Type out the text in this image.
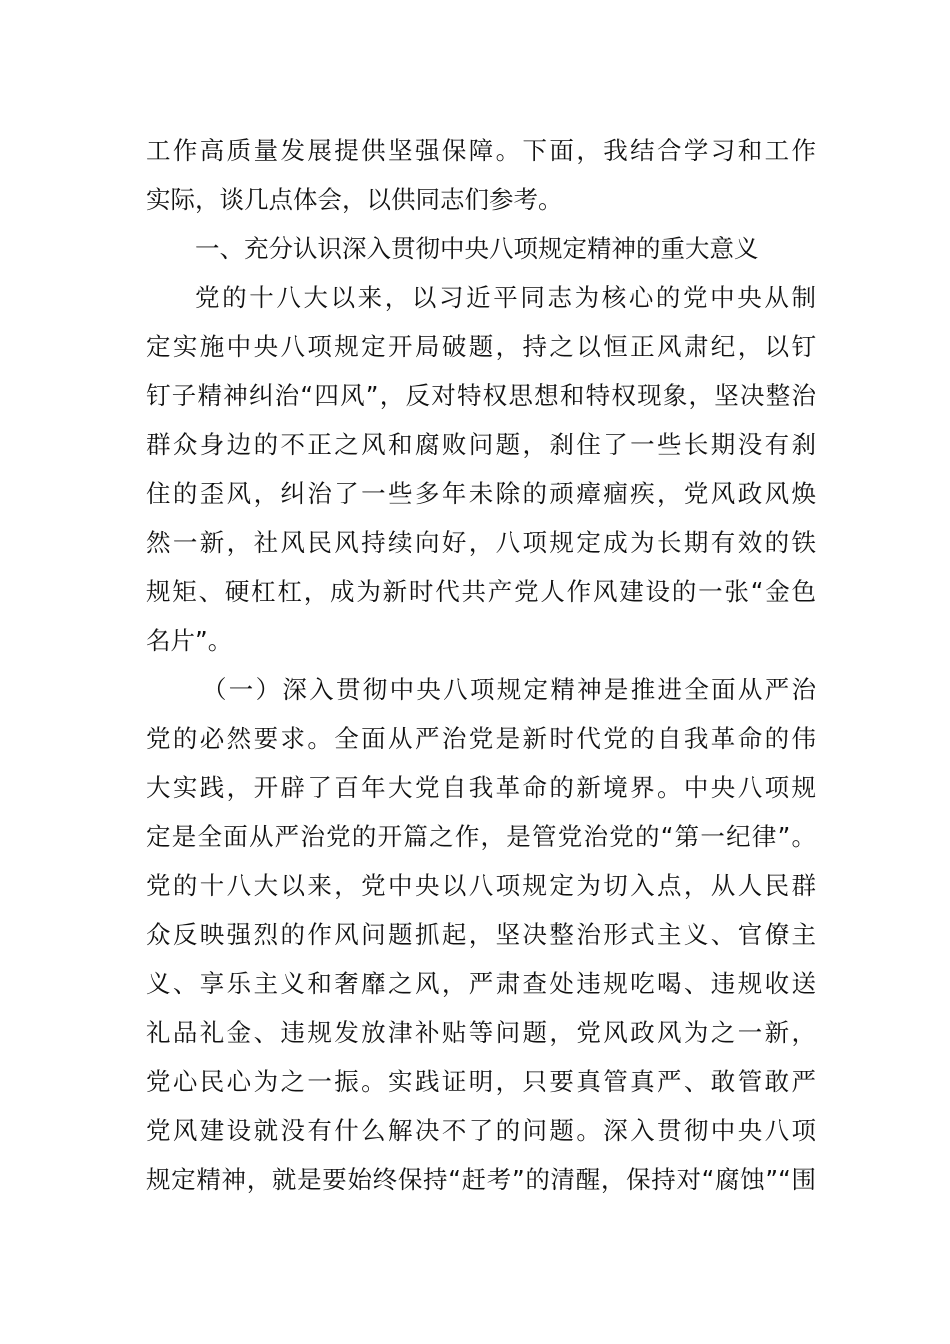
工作高质量发展提供坚强保障。下面，我结合学习和工作
实际，谈几点体会，以供同志们参考。
一、充分认识深入贯彻中央八项规定精神的重大意义
党的十八大以来，以习近平同志为核心的党中央从制
定实施中央八项规定开局破题，持之以恒正风肃纪，以钉
钉子精神纠治“四风”，反对特权思想和特权现象，坚决整治
群众身边的不正之风和腐败问题，刹住了一些长期没有刹
住的歪风，纠治了一些多年未除的顽瘴痼疾，党风政风焕
然一新，社风民风持续向好，八项规定成为长期有效的铁
规矩、硬杠杠，成为新时代共产党人作风建设的一张“金色
名片”。
（一）深入贯彻中央八项规定精神是推进全面从严治
党的必然要求。全面从严治党是新时代党的自我革命的伟
大实践，开辟了百年大党自我革命的新境界。中央八项规
定是全面从严治党的开篇之作，是管党治党的“第一纪律”。
党的十八大以来，党中央以八项规定为切入点，从人民群
众反映强烈的作风问题抓起，坚决整治形式主义、官僚主
义、享乐主义和奢靡之风，严肃查处违规吃喝、违规收送
礼品礼金、违规发放津补贴等问题，党风政风为之一新，
党心民心为之一振。实践证明，只要真管真严、敢管敢严
党风建设就没有什么解决不了的问题。深入贯彻中央八项
规定精神，就是要始终保持“赶考”的清醒，保持对“腐蚀”“围
